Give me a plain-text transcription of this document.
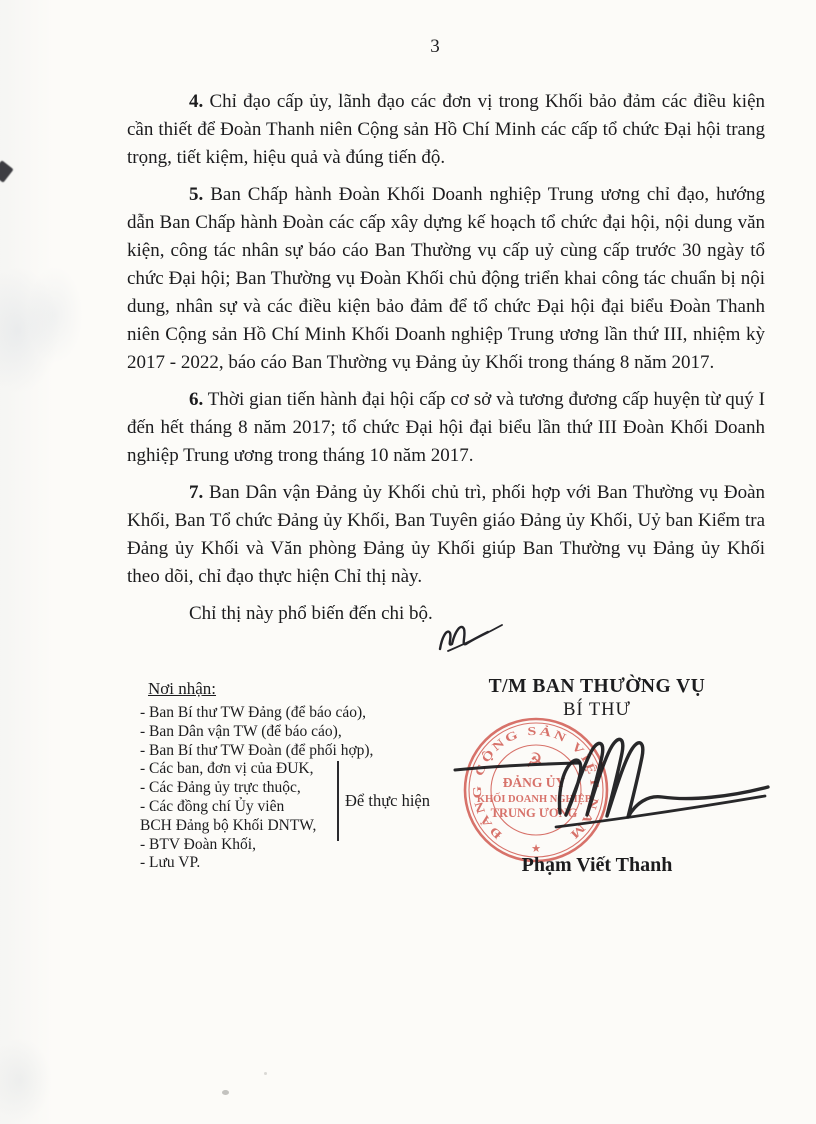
3

4. Chỉ đạo cấp ủy, lãnh đạo các đơn vị trong Khối bảo đảm các điều kiện cần thiết để Đoàn Thanh niên Cộng sản Hồ Chí Minh các cấp tổ chức Đại hội trang trọng, tiết kiệm, hiệu quả và đúng tiến độ.

5. Ban Chấp hành Đoàn Khối Doanh nghiệp Trung ương chỉ đạo, hướng dẫn Ban Chấp hành Đoàn các cấp xây dựng kế hoạch tổ chức đại hội, nội dung văn kiện, công tác nhân sự báo cáo Ban Thường vụ cấp uỷ cùng cấp trước 30 ngày tổ chức Đại hội; Ban Thường vụ Đoàn Khối chủ động triển khai công tác chuẩn bị nội dung, nhân sự và các điều kiện bảo đảm để tổ chức Đại hội đại biểu Đoàn Thanh niên Cộng sản Hồ Chí Minh Khối Doanh nghiệp Trung ương lần thứ III, nhiệm kỳ 2017 - 2022, báo cáo Ban Thường vụ Đảng ủy Khối trong tháng 8 năm 2017.

6. Thời gian tiến hành đại hội cấp cơ sở và tương đương cấp huyện từ quý I đến hết tháng 8 năm 2017; tổ chức Đại hội đại biểu lần thứ III Đoàn Khối Doanh nghiệp Trung ương trong tháng 10 năm 2017.

7. Ban Dân vận Đảng ủy Khối chủ trì, phối hợp với Ban Thường vụ Đoàn Khối, Ban Tổ chức Đảng ủy Khối, Ban Tuyên giáo Đảng ủy Khối, Uỷ ban Kiểm tra Đảng ủy Khối và Văn phòng Đảng ủy Khối giúp Ban Thường vụ Đảng ủy Khối theo dõi, chỉ đạo thực hiện Chỉ thị này.

Chỉ thị này phổ biến đến chi bộ.

Nơi nhận:
- Ban Bí thư TW Đảng (để báo cáo),
- Ban Dân vận TW (để báo cáo),
- Ban Bí thư TW Đoàn (để phối hợp),
- Các ban, đơn vị của ĐUK,
- Các Đảng ủy trực thuộc,
- Các đồng chí Ủy viên
BCH Đảng bộ Khối DNTW,
- BTV Đoàn Khối,
- Lưu VP.
Để thực hiện
T/M BAN THƯỜNG VỤ
BÍ THƯ
ĐẢNG CỘNG SẢN VIỆT NAM
☭
ĐẢNG ỦY
KHỐI DOANH NGHIỆP
TRUNG ƯƠNG
★
Phạm Viết Thanh
